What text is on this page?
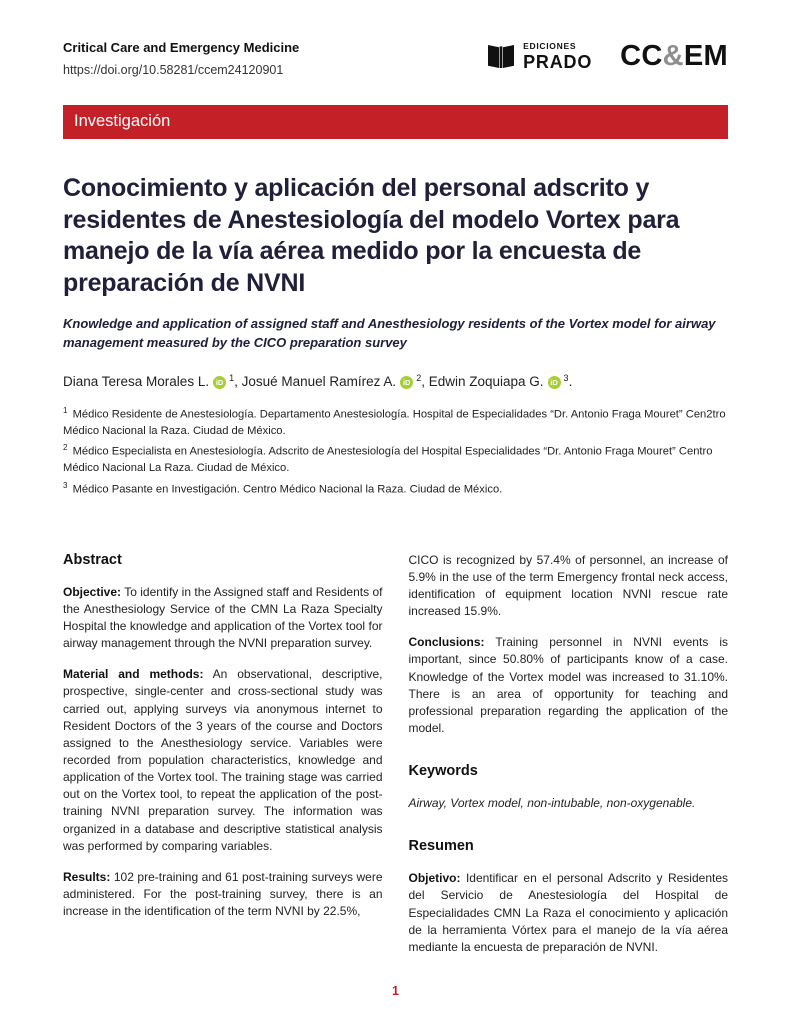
Critical Care and Emergency Medicine
https://doi.org/10.58281/ccem24120901
EDICIONES
PRADO CC&EM
Investigación
Conocimiento y aplicación del personal adscrito y residentes de Anestesiología del modelo Vortex para manejo de la vía aérea medido por la encuesta de preparación de NVNI

Knowledge and application of assigned staff and Anesthesiology residents of the Vortex model for airway management measured by the CICO preparation survey

Diana Teresa Morales L. iD $^1$, Josué Manuel Ramírez A. iD $^2$, Edwin Zoquiapa G. iD $^3$.

$^1$ Médico Residente de Anestesiología. Departamento Anestesiología. Hospital de Especialidades “Dr. Antonio Fraga Mouret” Cen2tro Médico Nacional la Raza. Ciudad de México.

$^2$ Médico Especialista en Anestesiología. Adscrito de Anestesiología del Hospital Especialidades “Dr. Antonio Fraga Mouret” Centro Médico Nacional La Raza. Ciudad de México.

$^3$ Médico Pasante en Investigación. Centro Médico Nacional la Raza. Ciudad de México.

Abstract

Objective: To identify in the Assigned staff and Residents of the Anesthesiology Service of the CMN La Raza Specialty Hospital the knowledge and application of the Vortex tool for airway management through the NVNI preparation survey.

Material and methods: An observational, descriptive, prospective, single-center and cross-sectional study was carried out, applying surveys via anonymous internet to Resident Doctors of the 3 years of the course and Doctors assigned to the Anesthesiology service. Variables were recorded from population characteristics, knowledge and application of the Vortex tool. The training stage was carried out on the Vortex tool, to repeat the application of the post-training NVNI preparation survey. The information was organized in a database and descriptive statistical analysis was performed by comparing variables.

Results: 102 pre-training and 61 post-training surveys were administered. For the post-training survey, there is an increase in the identification of the term NVNI by 22.5%,

CICO is recognized by 57.4% of personnel, an increase of 5.9% in the use of the term Emergency frontal neck access, identification of equipment location NVNI rescue rate increased 15.9%.

Conclusions: Training personnel in NVNI events is important, since 50.80% of participants know of a case. Knowledge of the Vortex model was increased to 31.10%. There is an area of opportunity for teaching and professional preparation regarding the application of the model.

Keywords

Airway, Vortex model, non-intubable, non-oxygenable.

Resumen

Objetivo: Identificar en el personal Adscrito y Residentes del Servicio de Anestesiología del Hospital de Especialidades CMN La Raza el conocimiento y aplicación de la herramienta Vórtex para el manejo de la vía aérea mediante la encuesta de preparación de NVNI.

1
